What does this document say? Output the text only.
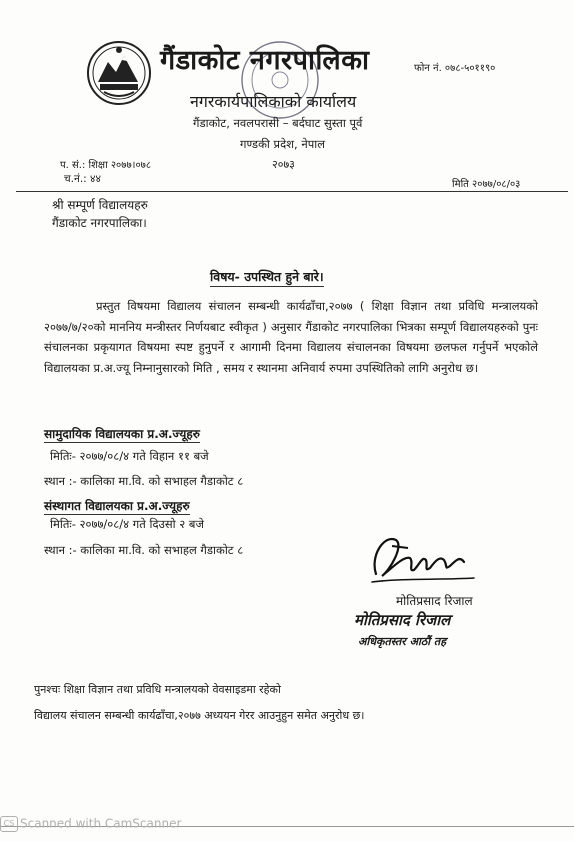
गैंडाकोट नगरपालिका	फोन नं. ०७८-५०११९०
नगरकार्यपालिकाको कार्यालय
गैंडाकोट, नवलपरासी – बर्दघाट सुस्ता पूर्व
गण्डकी प्रदेश, नेपाल
२०७३
प. सं.: शिक्षा २०७७।०७८
च.नं.: ४४	मिति २०७७/०८/०३
श्री सम्पूर्ण विद्यालयहरु
गैंडाकोट नगरपालिका।
विषय- उपस्थित हुने बारे।
प्रस्तुत विषयमा विद्यालय संचालन सम्बन्धी कार्यढाँचा,२०७७ ( शिक्षा विज्ञान तथा प्रविधि मन्त्रालयको २०७७/७/२०को माननिय मन्त्रीस्तर निर्णयबाट स्वीकृत ) अनुसार गैंडाकोट नगरपालिका भित्रका सम्पूर्ण विद्यालयहरुको पुनः संचालनका प्रकृयागत विषयमा स्पष्ट हुनुपर्ने र आगामी दिनमा विद्यालय संचालनका विषयमा छलफल गर्नुपर्ने भएकोले विद्यालयका प्र.अ.ज्यू निम्नानुसारको मिति , समय र स्थानमा अनिवार्य रुपमा उपस्थितिको लागि अनुरोध छ।
सामुदायिक विद्यालयका प्र.अ.ज्यूहरु
मितिः- २०७७/०८/४ गते विहान ११ बजे
स्थान :- कालिका मा.वि. को सभाहल गैडाकोट ८
संस्थागत विद्यालयका प्र.अ.ज्यूहरु
मितिः- २०७७/०८/४ गते दिउसो २ बजे
स्थान :- कालिका मा.वि. को सभाहल गैडाकोट ८
मोतिप्रसाद रिजाल
मोतिप्रसाद रिजाल
अधिकृतस्तर आठौं तह
पुनश्चः शिक्षा विज्ञान तथा प्रविधि मन्त्रालयको वेवसाइडमा रहेको
विद्यालय संचालन सम्बन्धी कार्यढाँचा,२०७७ अध्ययन गेरर आउनुहुन समेत अनुरोध छ।
CS Scanned with CamScanner
